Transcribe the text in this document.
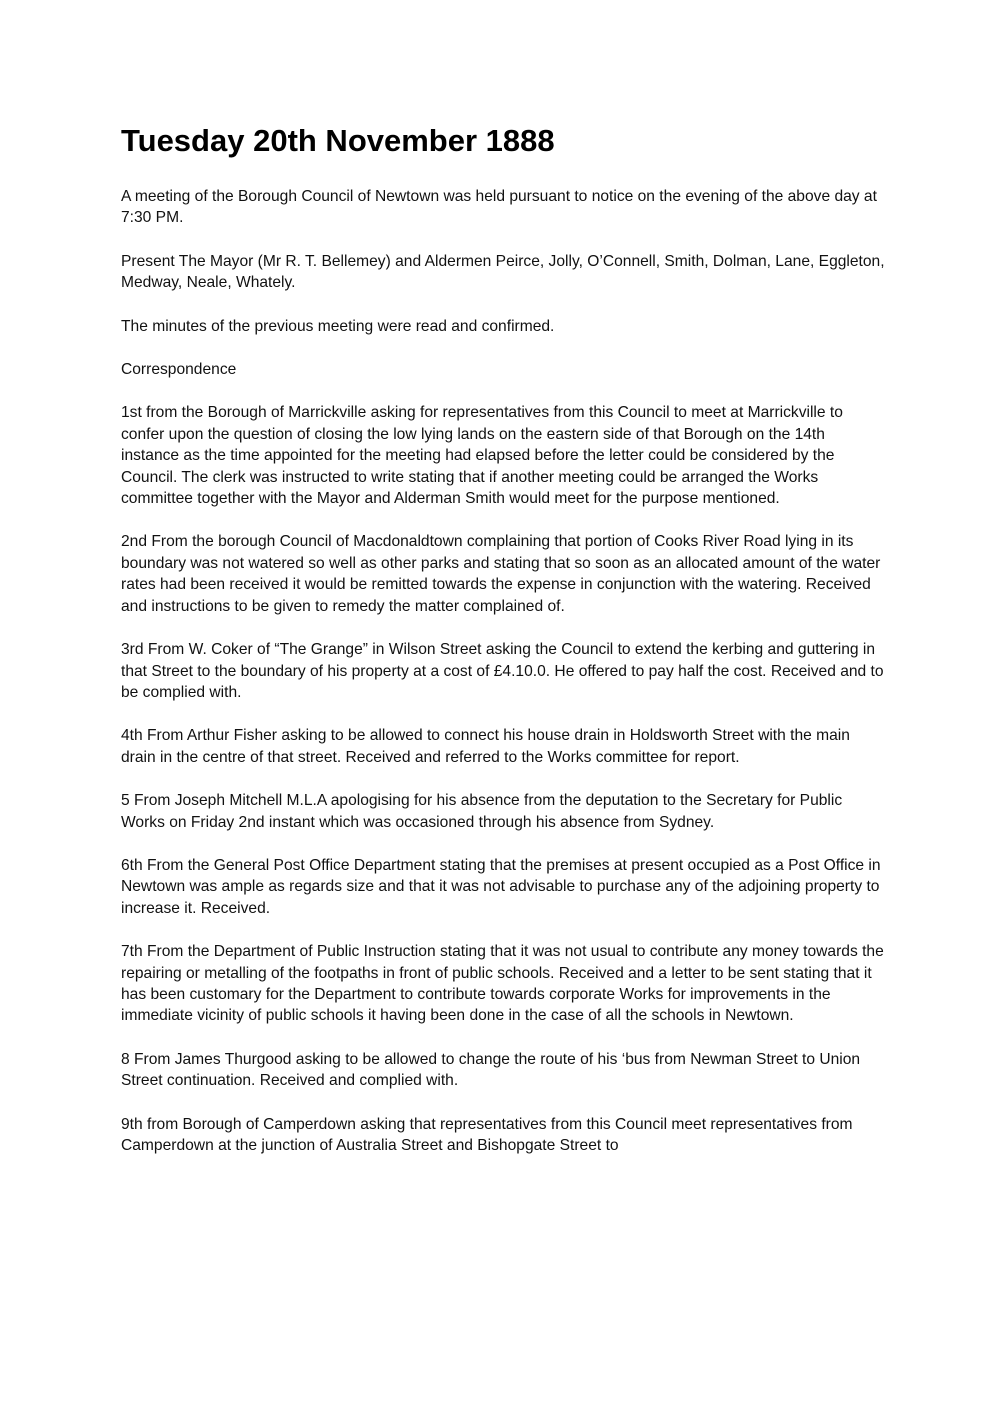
Tuesday 20th November 1888

A meeting of the Borough Council of Newtown was held pursuant to notice on the evening of the above day at 7:30 PM.

Present The Mayor (Mr R. T. Bellemey) and Aldermen Peirce, Jolly, O’Connell, Smith, Dolman, Lane, Eggleton, Medway, Neale, Whately.

The minutes of the previous meeting were read and confirmed.

Correspondence

1st from the Borough of Marrickville asking for representatives from this Council to meet at Marrickville to confer upon the question of closing the low lying lands on the eastern side of that Borough on the 14th instance as the time appointed for the meeting had elapsed before the letter could be considered by the Council. The clerk was instructed to write stating that if another meeting could be arranged the Works committee together with the Mayor and Alderman Smith would meet for the purpose mentioned.

2nd From the borough Council of Macdonaldtown complaining that portion of Cooks River Road lying in its boundary was not watered so well as other parks and stating that so soon as an allocated amount of the water rates had been received it would be remitted towards the expense in conjunction with the watering. Received and instructions to be given to remedy the matter complained of.

3rd From W. Coker of “The Grange” in Wilson Street asking the Council to extend the kerbing and guttering in that Street to the boundary of his property at a cost of £4.10.0. He offered to pay half the cost. Received and to be complied with.

4th From Arthur Fisher asking to be allowed to connect his house drain in Holdsworth Street with the main drain in the centre of that street. Received and referred to the Works committee for report.

5 From Joseph Mitchell M.L.A apologising for his absence from the deputation to the Secretary for Public Works on Friday 2nd instant which was occasioned through his absence from Sydney.

6th From the General Post Office Department stating that the premises at present occupied as a Post Office in Newtown was ample as regards size and that it was not advisable to purchase any of the adjoining property to increase it. Received.

7th From the Department of Public Instruction stating that it was not usual to contribute any money towards the repairing or metalling of the footpaths in front of public schools. Received and a letter to be sent stating that it has been customary for the Department to contribute towards corporate Works for improvements in the immediate vicinity of public schools it having been done in the case of all the schools in Newtown.

8 From James Thurgood asking to be allowed to change the route of his ‘bus from Newman Street to Union Street continuation. Received and complied with.

9th from Borough of Camperdown asking that representatives from this Council meet representatives from Camperdown at the junction of Australia Street and Bishopgate Street to
